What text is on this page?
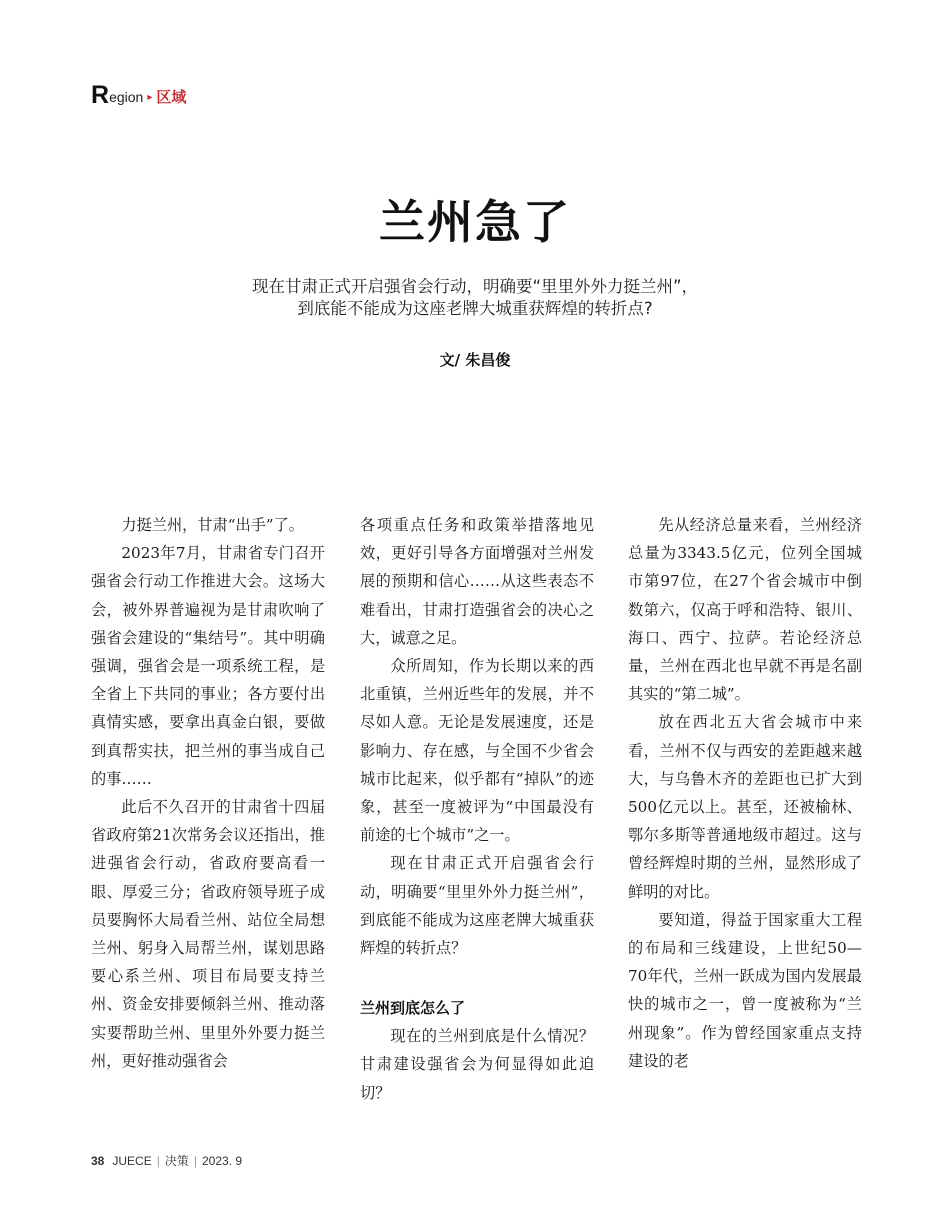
R egion ▸ 区域
兰州急了
现在甘肃正式开启强省会行动，明确要“里里外外力挺兰州”，
到底能不能成为这座老牌大城重获辉煌的转折点?
文/ 朱昌俊

力挺兰州，甘肃“出手”了。

2023年7月，甘肃省专门召开强省会行动工作推进大会。这场大会，被外界普遍视为是甘肃吹响了强省会建设的“集结号”。其中明确强调，强省会是一项系统工程，是全省上下共同的事业；各方要付出真情实感，要拿出真金白银，要做到真帮实扶，把兰州的事当成自己的事……

此后不久召开的甘肃省十四届省政府第21次常务会议还指出，推进强省会行动，省政府要高看一眼、厚爱三分；省政府领导班子成员要胸怀大局看兰州、站位全局想兰州、躬身入局帮兰州，谋划思路要心系兰州、项目布局要支持兰州、资金安排要倾斜兰州、推动落实要帮助兰州、里里外外要力挺兰州，更好推动强省会

各项重点任务和政策举措落地见效，更好引导各方面增强对兰州发展的预期和信心……从这些表态不难看出，甘肃打造强省会的决心之大，诚意之足。

众所周知，作为长期以来的西北重镇，兰州近些年的发展，并不尽如人意。无论是发展速度，还是影响力、存在感，与全国不少省会城市比起来，似乎都有“掉队”的迹象，甚至一度被评为“中国最没有前途的七个城市”之一。

现在甘肃正式开启强省会行动，明确要“里里外外力挺兰州”，到底能不能成为这座老牌大城重获辉煌的转折点？

兰州到底怎么了

现在的兰州到底是什么情况？甘肃建设强省会为何显得如此迫切？

先从经济总量来看，兰州经济总量为3343.5亿元，位列全国城市第97位，在27个省会城市中倒数第六，仅高于呼和浩特、银川、海口、西宁、拉萨。若论经济总量，兰州在西北也早就不再是名副其实的“第二城”。

放在西北五大省会城市中来看，兰州不仅与西安的差距越来越大，与乌鲁木齐的差距也已扩大到500亿元以上。甚至，还被榆林、鄂尔多斯等普通地级市超过。这与曾经辉煌时期的兰州，显然形成了鲜明的对比。

要知道，得益于国家重大工程的布局和三线建设，上世纪50—70年代，兰州一跃成为国内发展最快的城市之一，曾一度被称为“兰州现象”。作为曾经国家重点支持建设的老

38 JUECE | 决策 | 2023. 9
